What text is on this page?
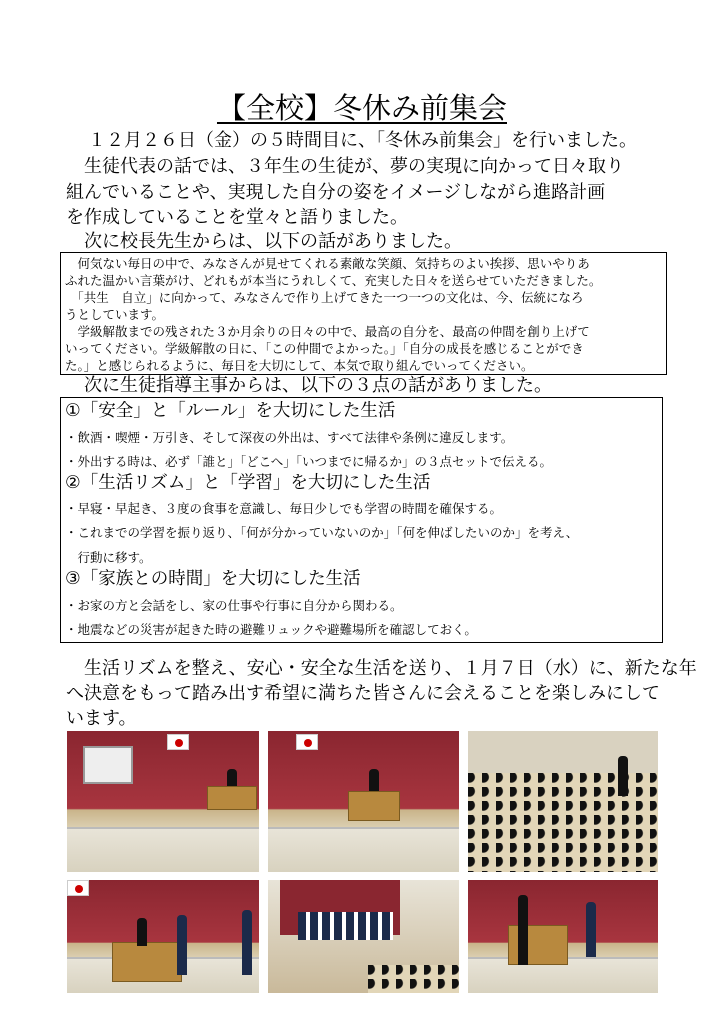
【全校】冬休み前集会
１２月２６日（金）の５時間目に、「冬休み前集会」を行いました。
　生徒代表の話では、３年生の生徒が、夢の実現に向かって日々取り
組んでいることや、実現した自分の姿をイメージしながら進路計画
を作成していることを堂々と語りました。
　次に校長先生からは、以下の話がありました。
　何気ない毎日の中で、みなさんが見せてくれる素敵な笑顔、気持ちのよい挨拶、思いやりあ
ふれた温かい言葉がけ、どれもが本当にうれしくて、充実した日々を送らせていただきました。
　「共生　自立」に向かって、みなさんで作り上げてきた一つ一つの文化は、今、伝統になろ
うとしています。
　学級解散までの残された３か月余りの日々の中で、最高の自分を、最高の仲間を創り上げて
いってください。学級解散の日に、「この仲間でよかった。」「自分の成長を感じることができ
た。」と感じられるように、毎日を大切にして、本気で取り組んでいってください。
　次に生徒指導主事からは、以下の３点の話がありました。
①「安全」と「ルール」を大切にした生活
・飲酒・喫煙・万引き、そして深夜の外出は、すべて法律や条例に違反します。
・外出する時は、必ず「誰と」「どこへ」「いつまでに帰るか」の３点セットで伝える。
②「生活リズム」と「学習」を大切にした生活
・早寝・早起き、３度の食事を意識し、毎日少しでも学習の時間を確保する。
・これまでの学習を振り返り、「何が分かっていないのか」「何を伸ばしたいのか」を考え、
　行動に移す。
③「家族との時間」を大切にした生活
・お家の方と会話をし、家の仕事や行事に自分から関わる。
・地震などの災害が起きた時の避難リュックや避難場所を確認しておく。
　生活リズムを整え、安心・安全な生活を送り、１月７日（水）に、新たな年
へ決意をもって踏み出す希望に満ちた皆さんに会えることを楽しみにして
います。
